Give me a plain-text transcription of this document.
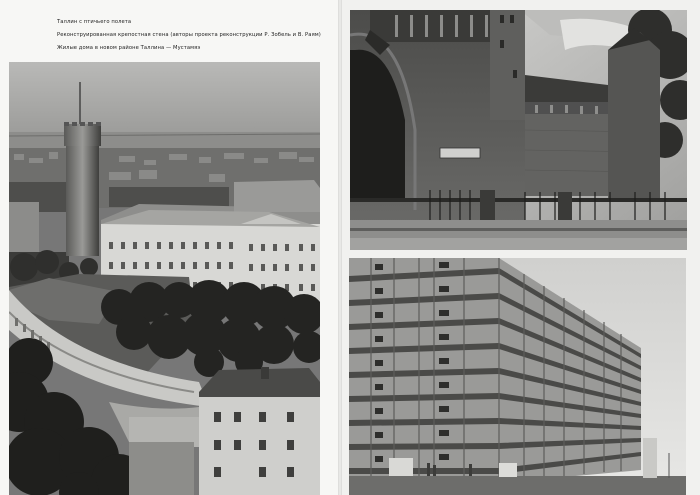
Таллин с птичьего полета
Реконструированная крепостная стена (авторы проекта реконструкции Р. Зобель и В. Раям)
Жилые дома в новом районе Таллина — Мустамяэ
